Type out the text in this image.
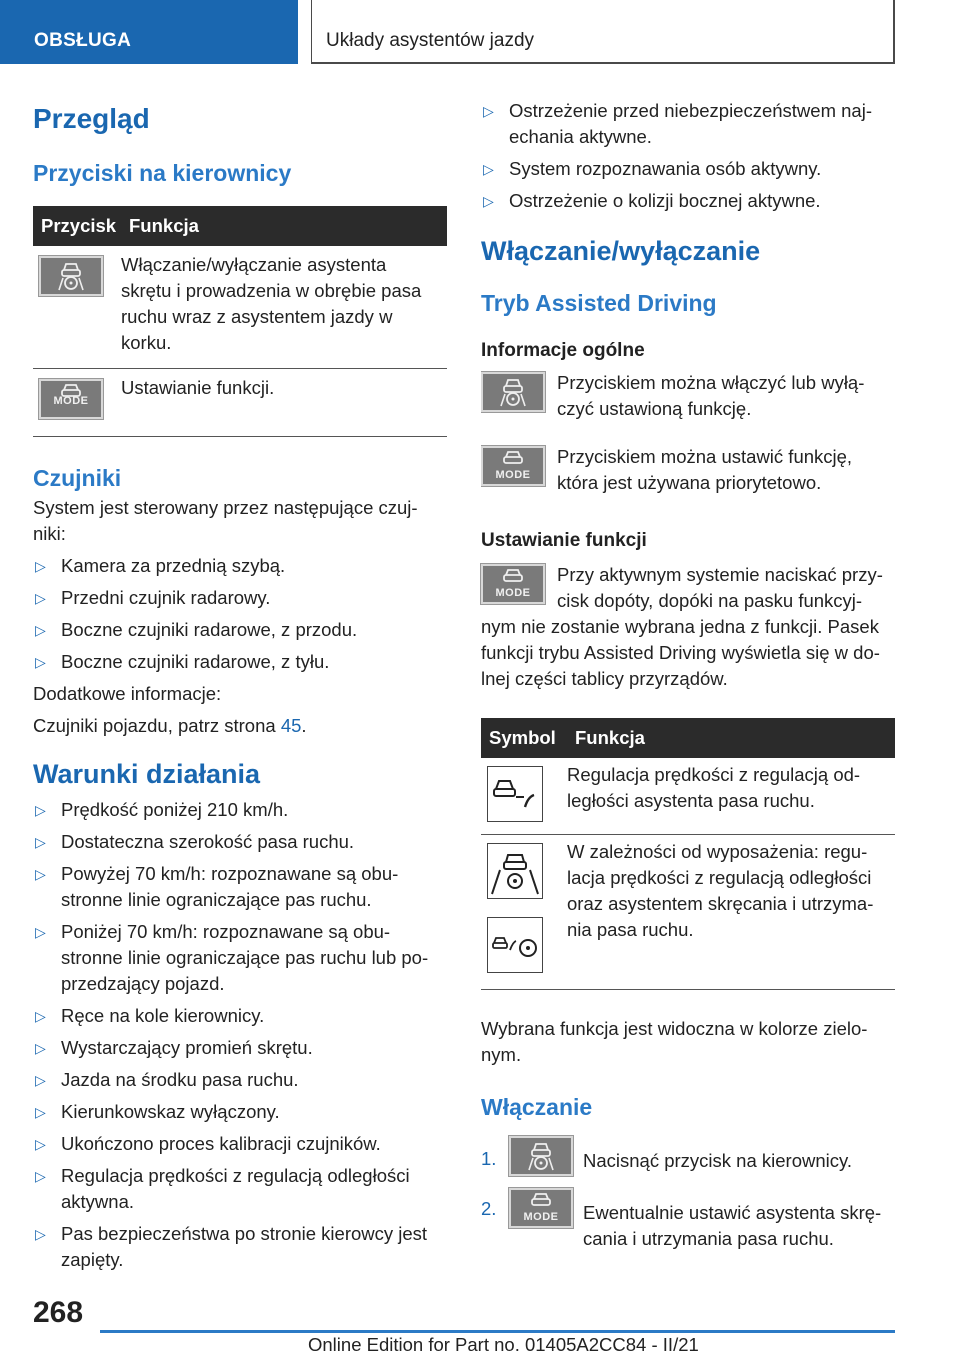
OBSŁUGA	Układy asystentów jazdy
Przegląd
Przyciski na kierownicy
Przycisk	Funkcja

	Włączanie/wyłączanie asystenta skrętu i prowadzenia w obrębie pasa ruchu wraz z asystentem jazdy w korku.

MODE	Ustawianie funkcji.
Czujniki

System jest sterowany przez następujące czuj-niki:

▷
Kamera za przednią szybą.
▷
Przedni czujnik radarowy.
▷
Boczne czujniki radarowe, z przodu.
▷
Boczne czujniki radarowe, z tyłu.

Dodatkowe informacje:

Czujniki pojazdu, patrz strona 45.

Warunki działania
▷
Prędkość poniżej 210 km/h.
▷
Dostateczna szerokość pasa ruchu.
▷
Powyżej 70 km/h: rozpoznawane są obu-stronne linie ograniczające pas ruchu.
▷
Poniżej 70 km/h: rozpoznawane są obu-stronne linie ograniczające pas ruchu lub po-przedzający pojazd.
▷
Ręce na kole kierownicy.
▷
Wystarczający promień skrętu.
▷
Jazda na środku pasa ruchu.
▷
Kierunkowskaz wyłączony.
▷
Ukończono proces kalibracji czujników.
▷
Regulacja prędkości z regulacją odległości aktywna.
▷
Pas bezpieczeństwa po stronie kierowcy jest zapięty.
▷
Ostrzeżenie przed niebezpieczeństwem naj-echania aktywne.
▷
System rozpoznawania osób aktywny.
▷
Ostrzeżenie o kolizji bocznej aktywne.
Włączanie/wyłączanie
Tryb Assisted Driving
Informacje ogólne

Przyciskiem można włączyć lub wyłą-czyć ustawioną funkcję.

MODE

Przyciskiem można ustawić funkcję, która jest używana priorytetowo.

Ustawianie funkcji
MODE

Przy aktywnym systemie naciskać przy-cisk dopóty, dopóki na pasku funkcyj-

nym nie zostanie wybrana jedna z funkcji. Pasek funkcji trybu Assisted Driving wyświetla się w do-lnej części tablicy przyrządów.

Symbol	Funkcja

	Regulacja prędkości z regulacją od-ległości asystenta pasa ruchu.

	W zależności od wyposażenia: regu-lacja prędkości z regulacją odległości oraz asystentem skręcania i utrzyma-nia pasa ruchu.

Wybrana funkcja jest widoczna w kolorze zielo-nym.

Włączanie
1.	Nacisnąć przycisk na kierownicy.
2.	MODE	Ewentualnie ustawić asystenta skrę-cania i utrzymania pasa ruchu.

268
Online Edition for Part no. 01405A2CC84 - II/21
